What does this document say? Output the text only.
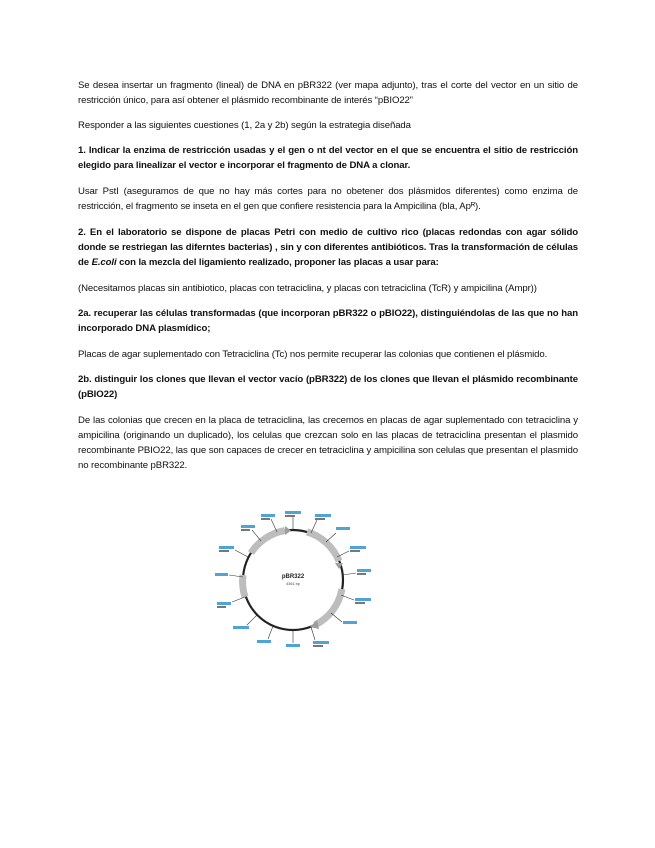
Se desea insertar un fragmento (lineal) de DNA en pBR322 (ver mapa adjunto), tras el corte del vector en un sitio de restricción único, para así obtener el plásmido recombinante de interés “pBIO22”
Responder a las siguientes cuestiones (1, 2a y 2b) según la estrategia diseñada
1. Indicar la enzima de restricción usadas y el gen o nt del vector en el que se encuentra el sitio de restricción elegido para linealizar el vector e incorporar el fragmento de DNA a clonar.
Usar PstI (aseguramos de que no hay más cortes para no obetener dos plásmidos diferentes) como enzima de restricción, el fragmento se inseta en el gen que confiere resistencia para la Ampicilina (bla, Apᴿ).
2. En el laboratorio se dispone de placas Petri con medio de cultivo rico (placas redondas con agar sólido donde se restriegan las diferntes bacterias) , sin y con diferentes antibióticos. Tras la transformación de células de E.coli con la mezcla del ligamiento realizado, proponer las placas a usar para:
(Necesitamos placas sin antibiotico, placas con tetraciclina, y placas con tetraciclina (TcR) y ampicilina (Ampr))
2a. recuperar las células transformadas (que incorporan pBR322 o pBIO22), distinguiéndolas de las que no han incorporado DNA plasmídico;
Placas de agar suplementado con Tetraciclina (Tc) nos permite recuperar las colonias que contienen el plásmido.
2b. distinguir los clones que llevan el vector vacío (pBR322) de los clones que llevan el plásmido recombinante (pBIO22)
De las colonias que crecen en la placa de tetraciclina, las crecemos en placas de agar suplementado con tetraciclina y ampicilina (originando un duplicado), los celulas que crezcan solo en las placas de tetraciclina presentan el plasmido recombinante PBIO22, las que son capaces de crecer en tetraciclina y ampicilina son celulas que presentan el plasmido no recombinante pBR322.
pBR322
4361 bp
